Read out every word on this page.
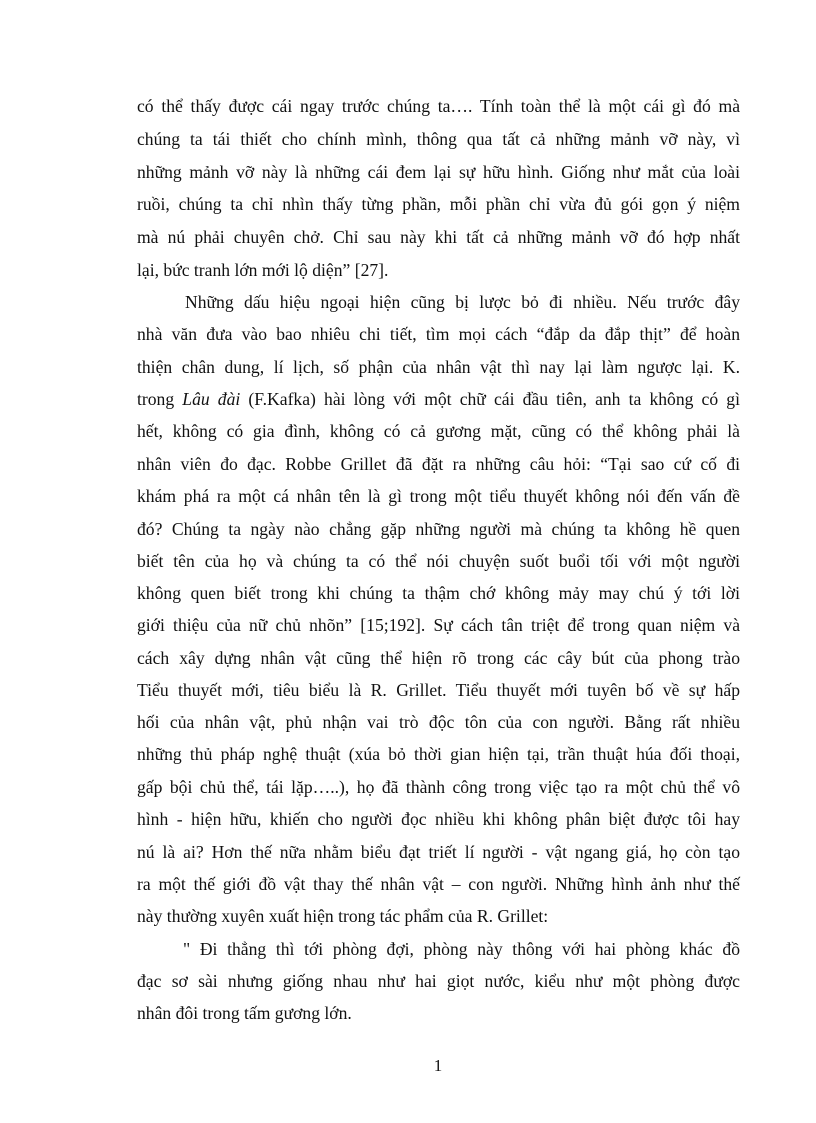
có thể thấy được cái ngay trước chúng ta…. Tính toàn thể là một cái gì đó mà
chúng ta tái thiết cho chính mình, thông qua tất cả những mảnh vỡ này, vì
những mảnh vỡ này là những cái đem lại sự hữu hình. Giống như mắt của loài
ruồi, chúng ta chỉ nhìn thấy từng phần, mỗi phần chỉ vừa đủ gói gọn ý niệm
mà nú phải chuyên chở. Chỉ sau này khi tất cả những mảnh vỡ đó hợp nhất
lại, bức tranh lớn mới lộ diện” [27].
Những dấu hiệu ngoại hiện cũng bị lược bỏ đi nhiều. Nếu trước đây
nhà văn đưa vào bao nhiêu chi tiết, tìm mọi cách “đắp da đắp thịt” để hoàn
thiện chân dung, lí lịch, số phận của nhân vật thì nay lại làm ngược lại. K.
trong Lâu đài (F.Kafka) hài lòng với một chữ cái đầu tiên, anh ta không có gì
hết, không có gia đình, không có cả gương mặt, cũng có thể không phải là
nhân viên đo đạc. Robbe Grillet đã đặt ra những câu hỏi: “Tại sao cứ cố đi
khám phá ra một cá nhân tên là gì trong một tiểu thuyết không nói đến vấn đề
đó? Chúng ta ngày nào chẳng gặp những người mà chúng ta không hề quen
biết tên của họ và chúng ta có thể nói chuyện suốt buổi tối với một người
không quen biết trong khi chúng ta thậm chớ không mảy may chú ý tới lời
giới thiệu của nữ chủ nhõn” [15;192]. Sự cách tân triệt để trong quan niệm và
cách xây dựng nhân vật cũng thể hiện rõ trong các cây bút của phong trào
Tiểu thuyết mới, tiêu biểu là R. Grillet. Tiểu thuyết mới tuyên bố về sự hấp
hối của nhân vật, phủ nhận vai trò độc tôn của con người. Bằng rất nhiều
những thủ pháp nghệ thuật (xúa bỏ thời gian hiện tại, trần thuật húa đối thoại,
gấp bội chủ thể, tái lặp…..), họ đã thành công trong việc tạo ra một chủ thể vô
hình - hiện hữu, khiến cho người đọc nhiều khi không phân biệt được tôi hay
nú là ai? Hơn thế nữa nhằm biểu đạt triết lí người - vật ngang giá, họ còn tạo
ra một thế giới đồ vật thay thế nhân vật – con người. Những hình ảnh như thế
này thường xuyên xuất hiện trong tác phẩm của R. Grillet:
" Đi thẳng thì tới phòng đợi, phòng này thông với hai phòng khác đồ
đạc sơ sài nhưng giống nhau như hai giọt nước, kiểu như một phòng được
nhân đôi trong tấm gương lớn.
1
